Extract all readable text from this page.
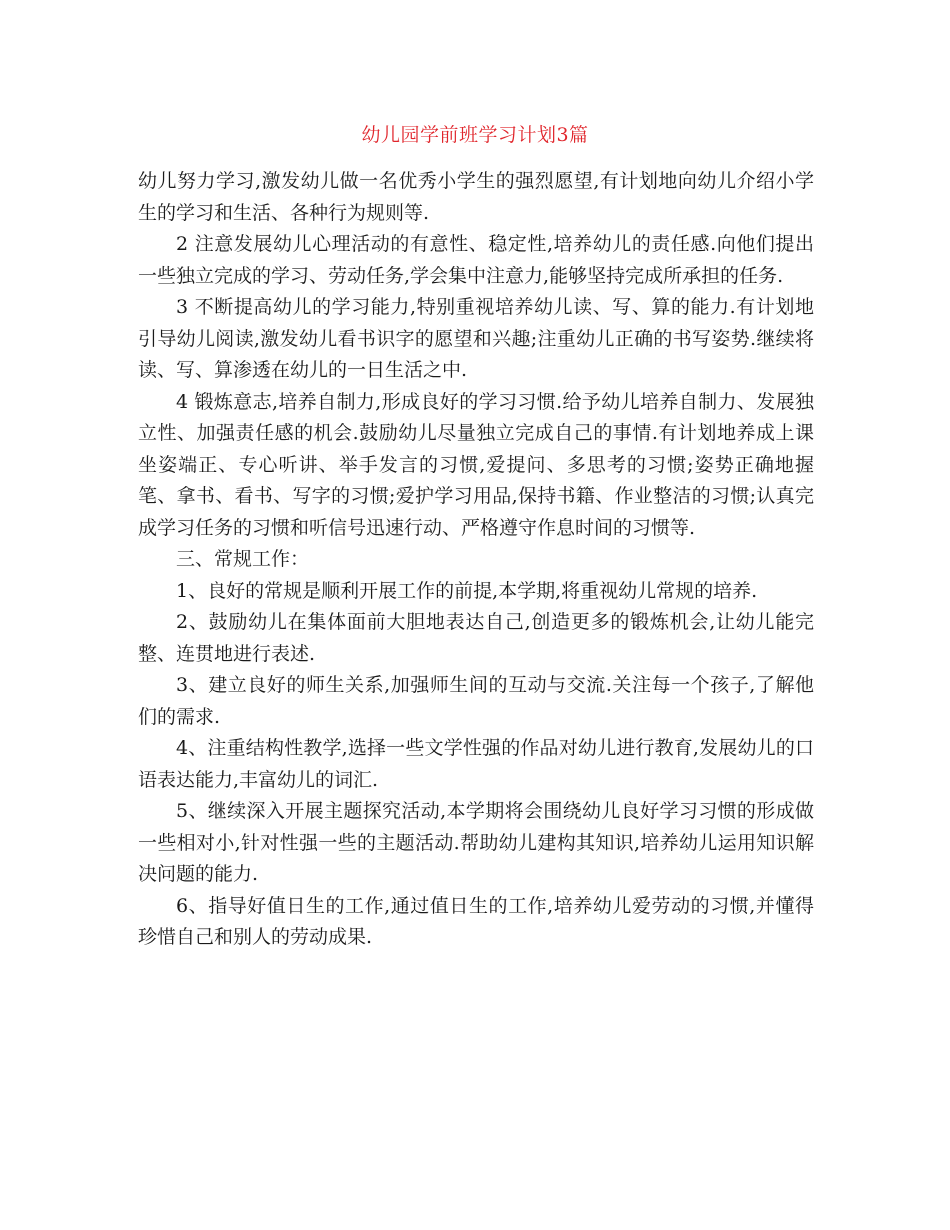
幼儿园学前班学习计划3篇

幼儿努力学习,激发幼儿做一名优秀小学生的强烈愿望,有计划地向幼儿介绍小学生的学习和生活、各种行为规则等.

2 注意发展幼儿心理活动的有意性、稳定性,培养幼儿的责任感.向他们提出一些独立完成的学习、劳动任务,学会集中注意力,能够坚持完成所承担的任务.

3 不断提高幼儿的学习能力,特别重视培养幼儿读、写、算的能力.有计划地引导幼儿阅读,激发幼儿看书识字的愿望和兴趣;注重幼儿正确的书写姿势.继续将读、写、算渗透在幼儿的一日生活之中.

4 锻炼意志,培养自制力,形成良好的学习习惯.给予幼儿培养自制力、发展独立性、加强责任感的机会.鼓励幼儿尽量独立完成自己的事情.有计划地养成上课坐姿端正、专心听讲、举手发言的习惯,爱提问、多思考的习惯;姿势正确地握笔、拿书、看书、写字的习惯;爱护学习用品,保持书籍、作业整洁的习惯;认真完成学习任务的习惯和听信号迅速行动、严格遵守作息时间的习惯等.

三、常规工作：

1、良好的常规是顺利开展工作的前提,本学期,将重视幼儿常规的培养.

2、鼓励幼儿在集体面前大胆地表达自己,创造更多的锻炼机会,让幼儿能完整、连贯地进行表述.

3、建立良好的师生关系,加强师生间的互动与交流.关注每一个孩子,了解他们的需求.

4、注重结构性教学,选择一些文学性强的作品对幼儿进行教育,发展幼儿的口语表达能力,丰富幼儿的词汇.

5、继续深入开展主题探究活动,本学期将会围绕幼儿良好学习习惯的形成做一些相对小,针对性强一些的主题活动.帮助幼儿建构其知识,培养幼儿运用知识解决问题的能力.

6、指导好值日生的工作,通过值日生的工作,培养幼儿爱劳动的习惯,并懂得珍惜自己和别人的劳动成果.
